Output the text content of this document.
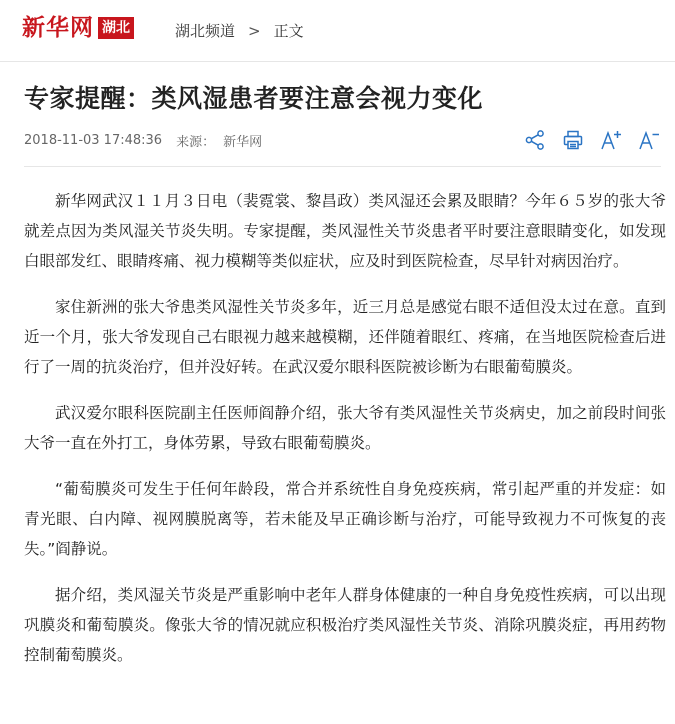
新华网 湖北	湖北频道 > 正文
专家提醒：类风湿患者要注意会视力变化
2018-11-03 17:48:36 来源： 新华网

新华网武汉１１月３日电（裴霓裳、黎昌政）类风湿还会累及眼睛？今年６５岁的张大爷就差点因为类风湿关节炎失明。专家提醒，类风湿性关节炎患者平时要注意眼睛变化，如发现白眼部发红、眼睛疼痛、视力模糊等类似症状，应及时到医院检查，尽早针对病因治疗。

家住新洲的张大爷患类风湿性关节炎多年，近三月总是感觉右眼不适但没太过在意。直到近一个月，张大爷发现自己右眼视力越来越模糊，还伴随着眼红、疼痛，在当地医院检查后进行了一周的抗炎治疗，但并没好转。在武汉爱尔眼科医院被诊断为右眼葡萄膜炎。

武汉爱尔眼科医院副主任医师阎静介绍，张大爷有类风湿性关节炎病史，加之前段时间张大爷一直在外打工，身体劳累，导致右眼葡萄膜炎。

“葡萄膜炎可发生于任何年龄段，常合并系统性自身免疫疾病，常引起严重的并发症：如青光眼、白内障、视网膜脱离等，若未能及早正确诊断与治疗，可能导致视力不可恢复的丧失。”阎静说。

据介绍，类风湿关节炎是严重影响中老年人群身体健康的一种自身免疫性疾病，可以出现巩膜炎和葡萄膜炎。像张大爷的情况就应积极治疗类风湿性关节炎、消除巩膜炎症，再用药物控制葡萄膜炎。
